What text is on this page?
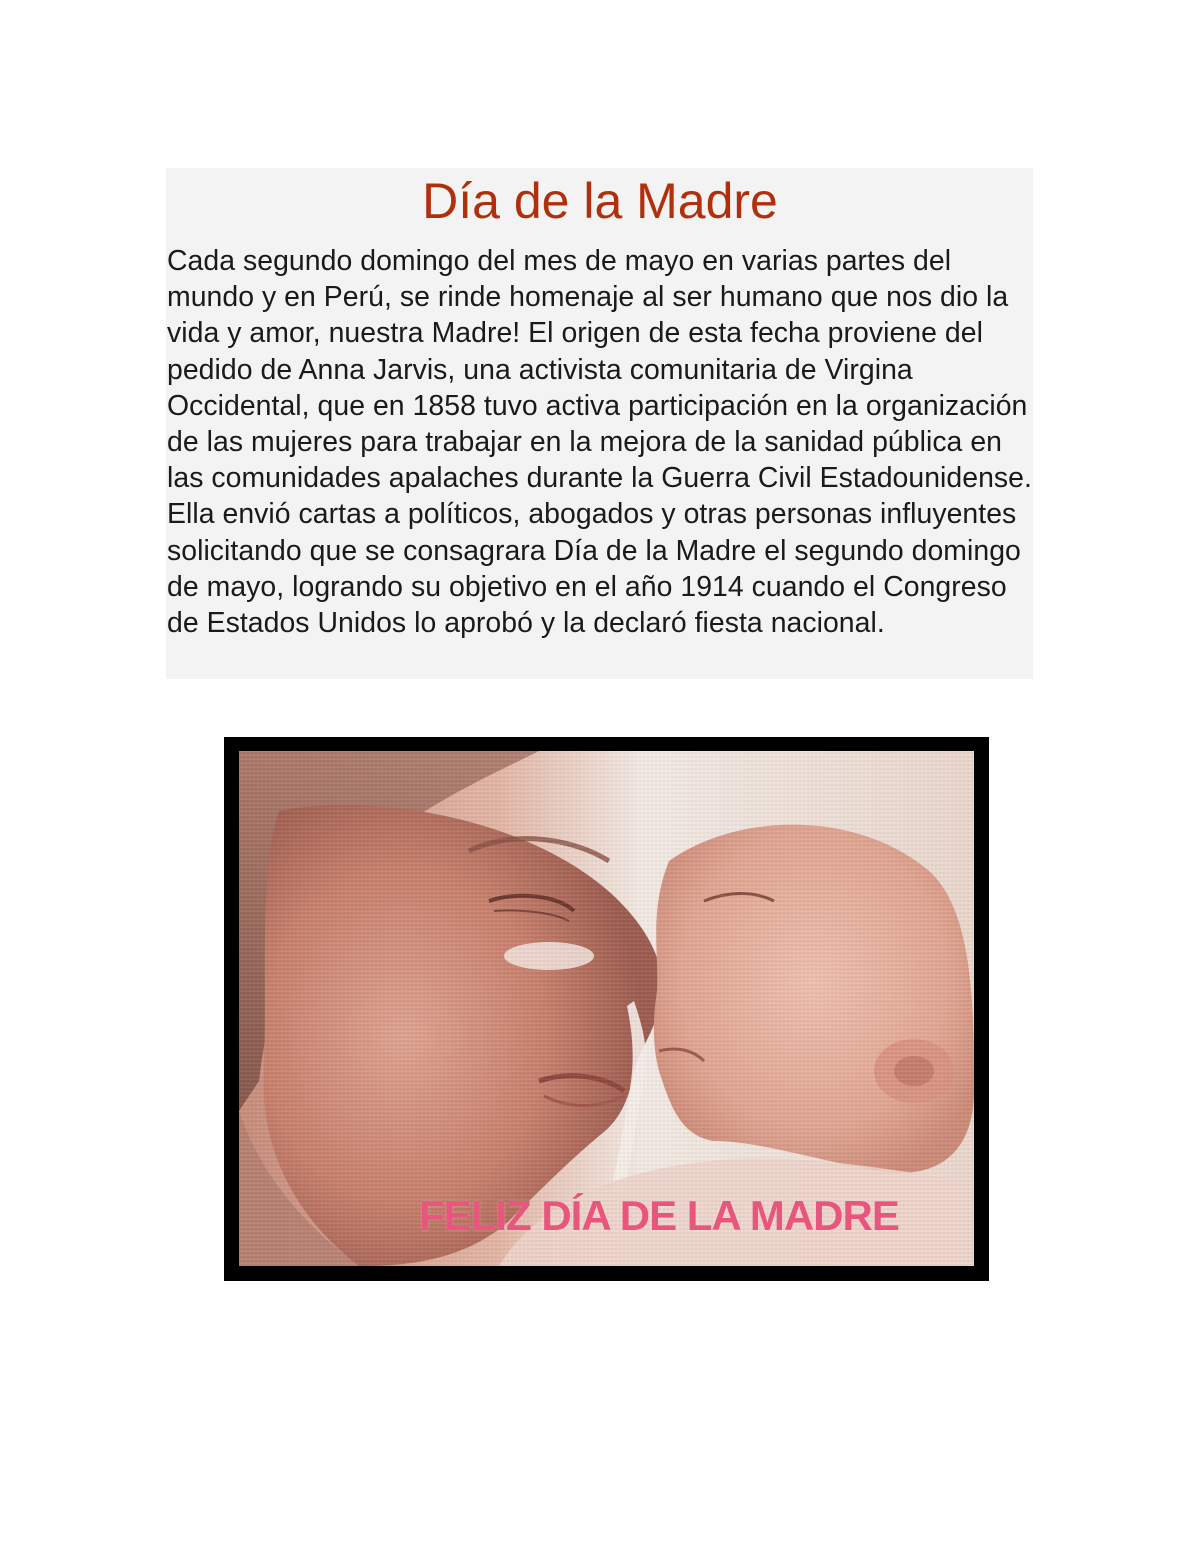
Día de la Madre

Cada segundo domingo del mes de mayo en varias partes del mundo y en Perú, se rinde homenaje al ser humano que nos dio la vida y amor, nuestra Madre! El origen de esta fecha proviene del pedido de Anna Jarvis, una activista comunitaria de Virgina Occidental, que en 1858 tuvo activa participación en la organización de las mujeres para trabajar en la mejora de la sanidad pública en las comunidades apalaches durante la Guerra Civil Estadounidense. Ella envió cartas a políticos, abogados y otras personas influyentes solicitando que se consagrara Día de la Madre el segundo domingo de mayo, logrando su objetivo en el año 1914 cuando el Congreso de Estados Unidos lo aprobó y la declaró fiesta nacional.

FELIZ DÍA DE LA MADRE
